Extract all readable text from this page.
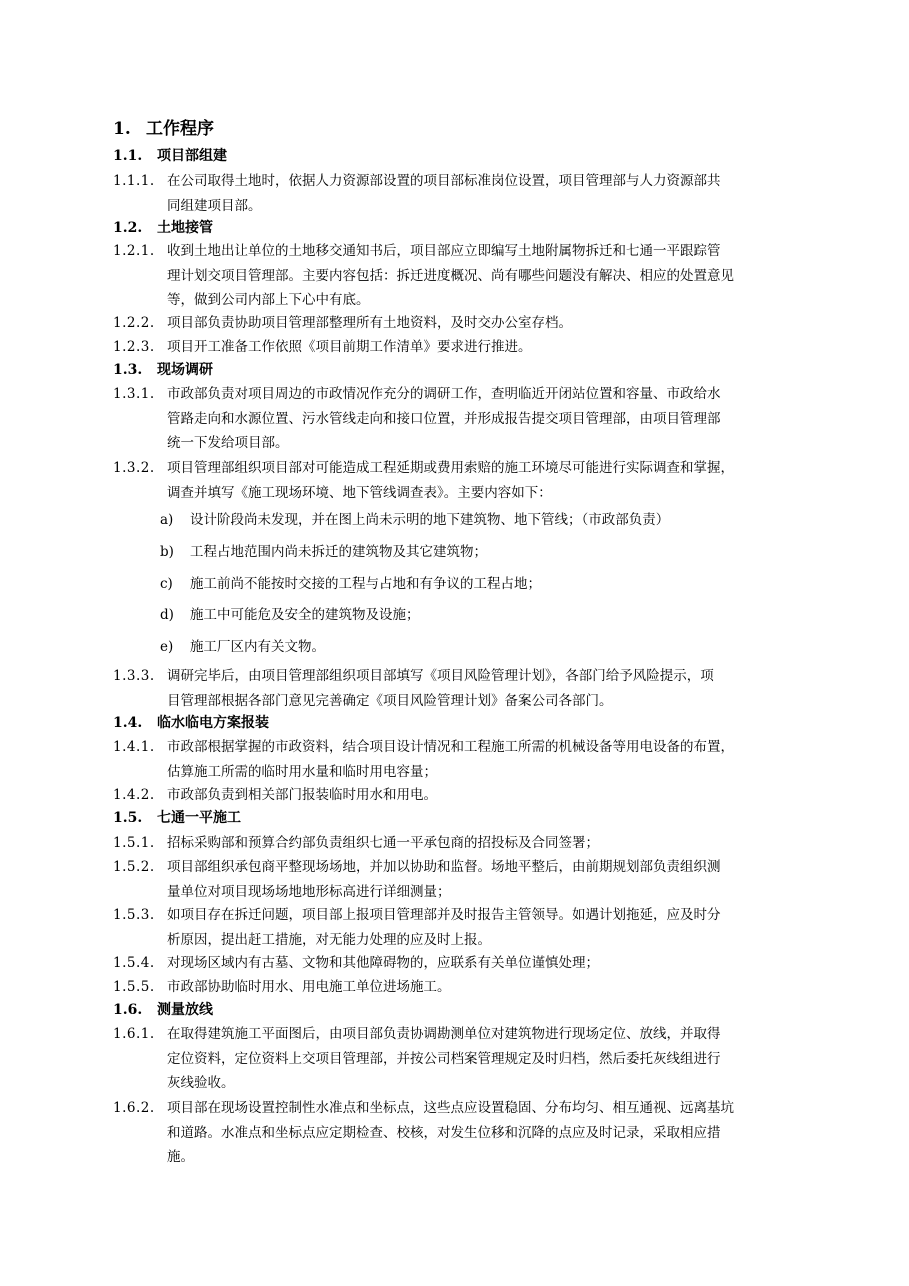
1. 工作程序
1.1. 项目部组建
1.1.1. 在公司取得土地时，依据人力资源部设置的项目部标准岗位设置，项目管理部与人力资源部共
同组建项目部。
1.2. 土地接管
1.2.1. 收到土地出让单位的土地移交通知书后，项目部应立即编写土地附属物拆迁和七通一平跟踪管
理计划交项目管理部。主要内容包括：拆迁进度概况、尚有哪些问题没有解决、相应的处置意见
等，做到公司内部上下心中有底。
1.2.2. 项目部负责协助项目管理部整理所有土地资料，及时交办公室存档。
1.2.3. 项目开工准备工作依照《项目前期工作清单》要求进行推进。
1.3. 现场调研
1.3.1. 市政部负责对项目周边的市政情况作充分的调研工作，查明临近开闭站位置和容量、市政给水
管路走向和水源位置、污水管线走向和接口位置，并形成报告提交项目管理部，由项目管理部
统一下发给项目部。
1.3.2. 项目管理部组织项目部对可能造成工程延期或费用索赔的施工环境尽可能进行实际调查和掌握，
调查并填写《施工现场环境、地下管线调查表》。主要内容如下：
a) 设计阶段尚未发现，并在图上尚未示明的地下建筑物、地下管线；（市政部负责）
b) 工程占地范围内尚未拆迁的建筑物及其它建筑物；
c) 施工前尚不能按时交接的工程与占地和有争议的工程占地；
d) 施工中可能危及安全的建筑物及设施；
e) 施工厂区内有关文物。
1.3.3. 调研完毕后，由项目管理部组织项目部填写《项目风险管理计划》，各部门给予风险提示，项
目管理部根据各部门意见完善确定《项目风险管理计划》备案公司各部门。
1.4. 临水临电方案报装
1.4.1. 市政部根据掌握的市政资料，结合项目设计情况和工程施工所需的机械设备等用电设备的布置，
估算施工所需的临时用水量和临时用电容量；
1.4.2. 市政部负责到相关部门报装临时用水和用电。
1.5. 七通一平施工
1.5.1. 招标采购部和预算合约部负责组织七通一平承包商的招投标及合同签署；
1.5.2. 项目部组织承包商平整现场场地，并加以协助和监督。场地平整后，由前期规划部负责组织测
量单位对项目现场场地地形标高进行详细测量；
1.5.3. 如项目存在拆迁问题，项目部上报项目管理部并及时报告主管领导。如遇计划拖延，应及时分
析原因，提出赶工措施，对无能力处理的应及时上报。
1.5.4. 对现场区域内有古墓、文物和其他障碍物的，应联系有关单位谨慎处理；
1.5.5. 市政部协助临时用水、用电施工单位进场施工。
1.6. 测量放线
1.6.1. 在取得建筑施工平面图后，由项目部负责协调勘测单位对建筑物进行现场定位、放线，并取得
定位资料，定位资料上交项目管理部，并按公司档案管理规定及时归档，然后委托灰线组进行
灰线验收。
1.6.2. 项目部在现场设置控制性水准点和坐标点，这些点应设置稳固、分布均匀、相互通视、远离基坑
和道路。水准点和坐标点应定期检查、校核，对发生位移和沉降的点应及时记录，采取相应措
施。
